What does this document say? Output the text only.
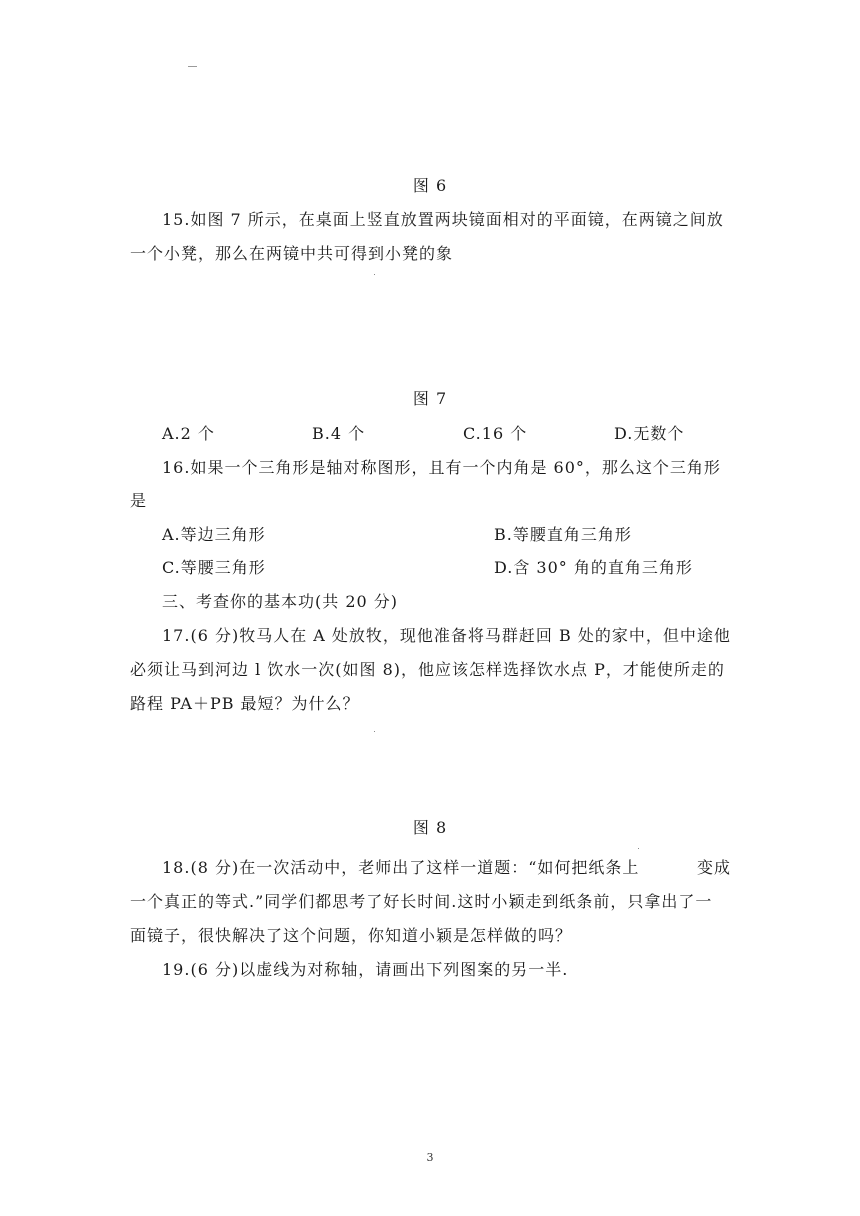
图 6
15.如图 7 所示，在桌面上竖直放置两块镜面相对的平面镜，在两镜之间放
一个小凳，那么在两镜中共可得到小凳的象
图 7
A.2 个	B.4 个	C.16 个	D.无数个
16.如果一个三角形是轴对称图形，且有一个内角是 60°，那么这个三角形
是
A.等边三角形	B.等腰直角三角形
C.等腰三角形	D.含 30° 角的直角三角形
三、考查你的基本功(共 20 分)
17.(6 分)牧马人在 A 处放牧，现他准备将马群赶回 B 处的家中，但中途他
必须让马到河边 l 饮水一次(如图 8)，他应该怎样选择饮水点 P，才能使所走的
路程 PA＋PB 最短？为什么？
图 8
18.(8 分)在一次活动中，老师出了这样一道题：“如何把纸条上	变成
一个真正的等式.”同学们都思考了好长时间.这时小颖走到纸条前，只拿出了一
面镜子，很快解决了这个问题，你知道小颖是怎样做的吗？
19.(6 分)以虚线为对称轴，请画出下列图案的另一半.
3
